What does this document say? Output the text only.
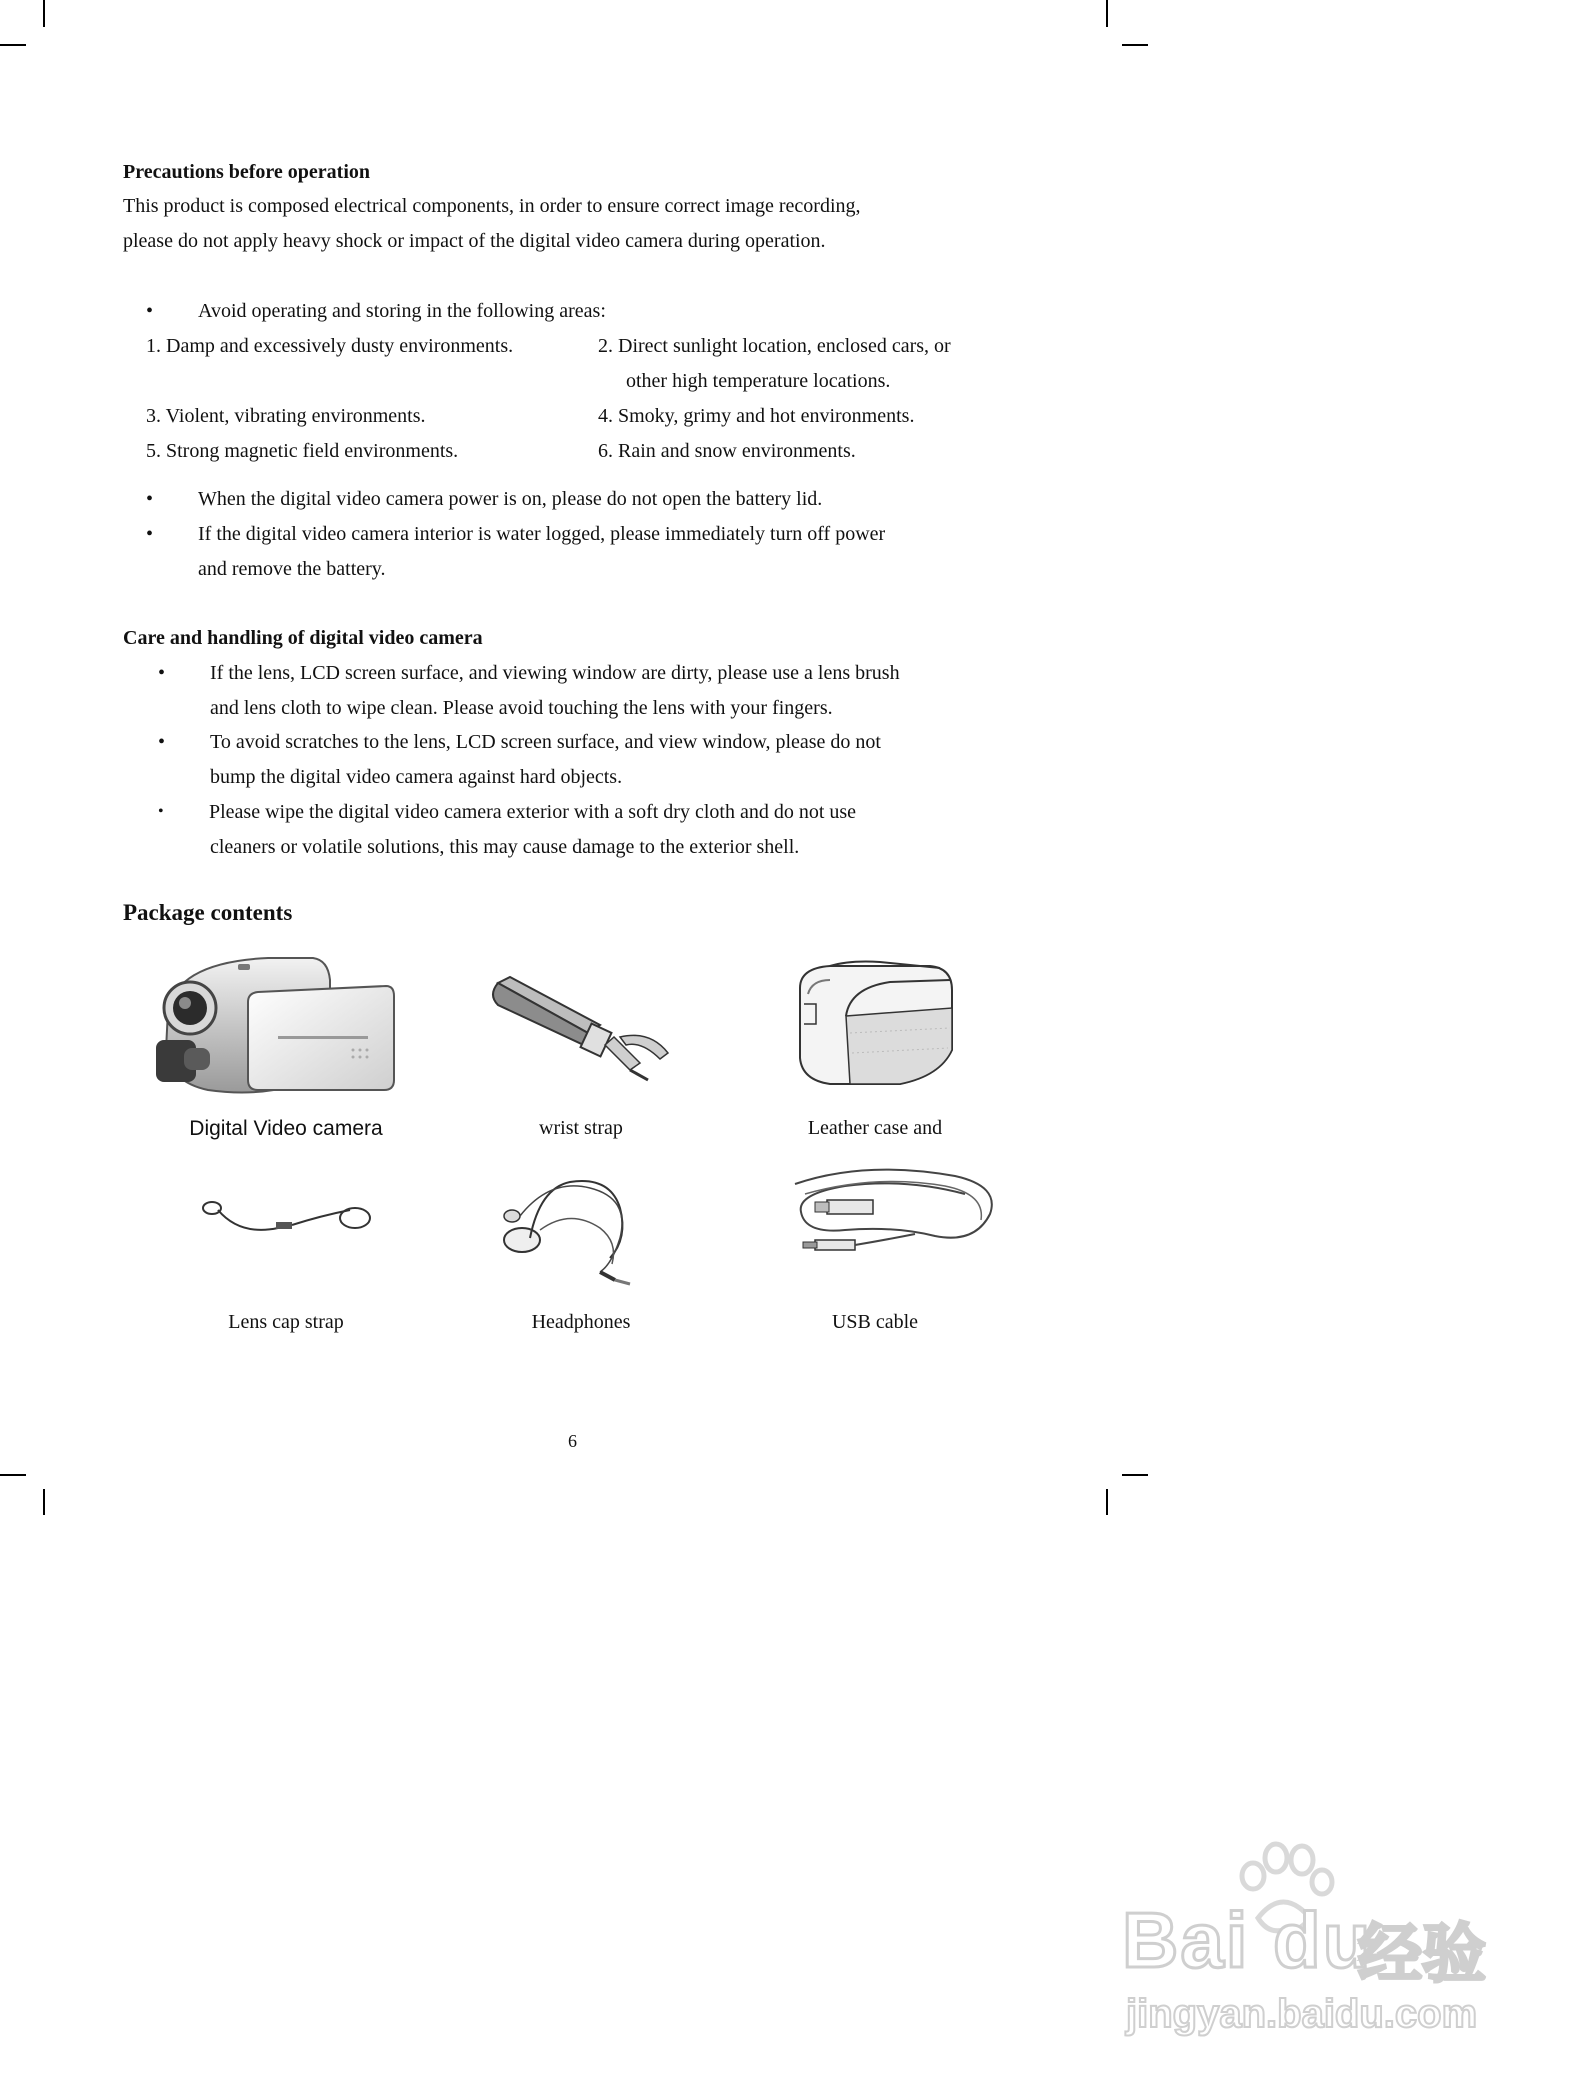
Precautions before operation
This product is composed electrical components, in order to ensure correct image recording,
please do not apply heavy shock or impact of the digital video camera during operation.
• Avoid operating and storing in the following areas:
1. Damp and excessively dusty environments.	2. Direct sunlight location, enclosed cars, or
other high temperature locations.
3. Violent, vibrating environments.	4. Smoky, grimy and hot environments.
5. Strong magnetic field environments.	6. Rain and snow environments.
• When the digital video camera power is on, please do not open the battery lid.
• If the digital video camera interior is water logged, please immediately turn off power
and remove the battery.
Care and handling of digital video camera
• If the lens, LCD screen surface, and viewing window are dirty, please use a lens brush
and lens cloth to wipe clean. Please avoid touching the lens with your fingers.
• To avoid scratches to the lens, LCD screen surface, and view window, please do not
bump the digital video camera against hard objects.
• Please wipe the digital video camera exterior with a soft dry cloth and do not use
cleaners or volatile solutions, this may cause damage to the exterior shell.
Package contents
Digital Video camera	wrist strap	Leather case and
Lens cap strap	Headphones	USB cable
6
Bai du
经验
jingyan.baidu.com
